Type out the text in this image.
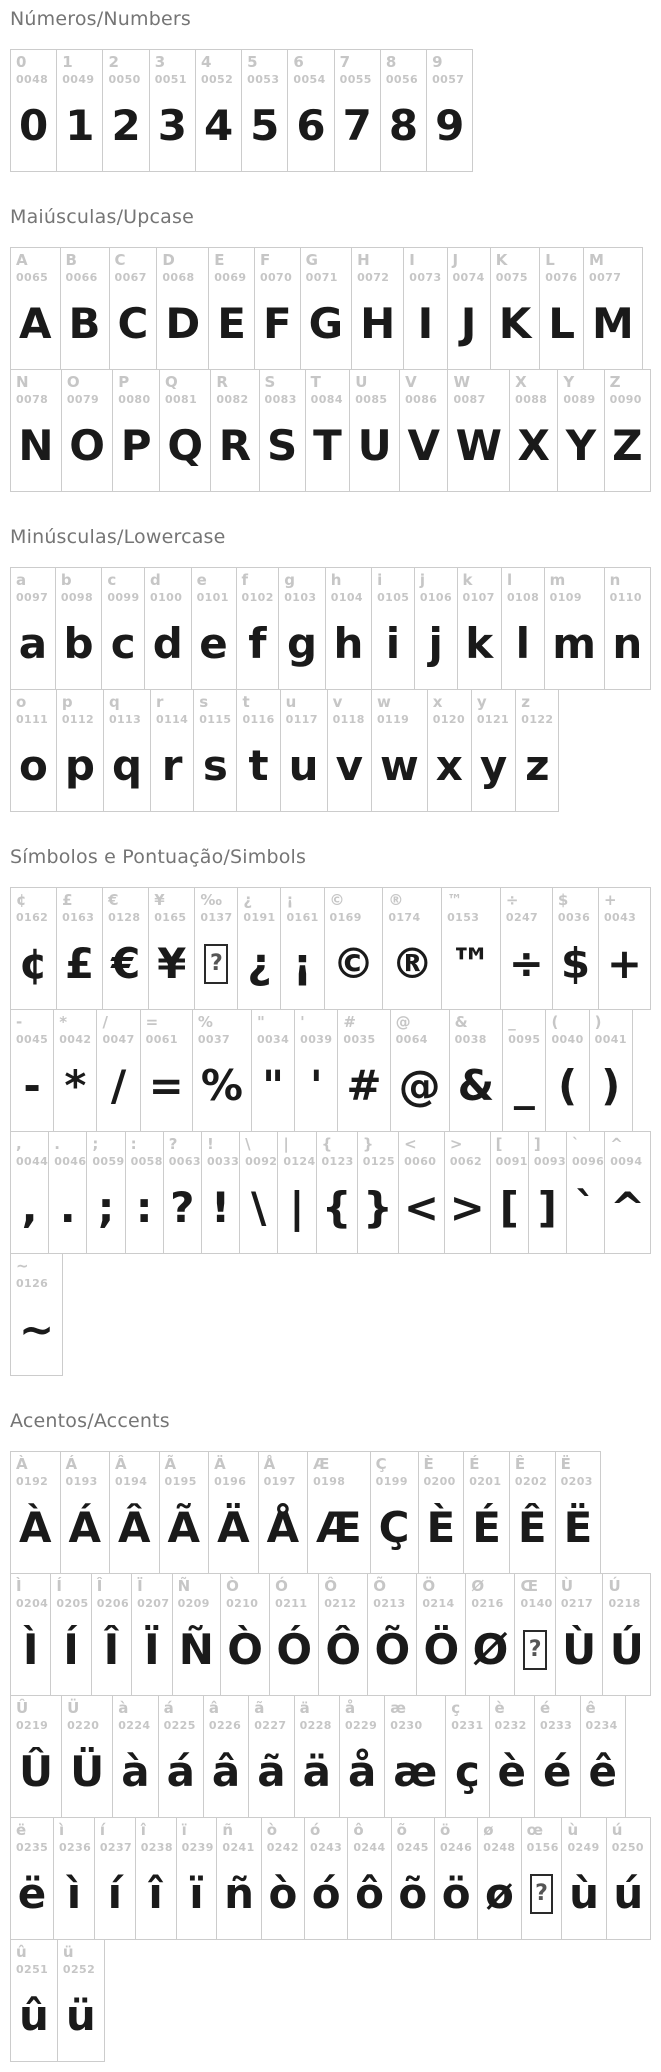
Números/Numbers
0
0048
0
1
0049
1
2
0050
2
3
0051
3
4
0052
4
5
0053
5
6
0054
6
7
0055
7
8
0056
8
9
0057
9
Maiúsculas/Upcase
A
0065
A
B
0066
B
C
0067
C
D
0068
D
E
0069
E
F
0070
F
G
0071
G
H
0072
H
I
0073
I
J
0074
J
K
0075
K
L
0076
L
M
0077
M
N
0078
N
O
0079
O
P
0080
P
Q
0081
Q
R
0082
R
S
0083
S
T
0084
T
U
0085
U
V
0086
V
W
0087
W
X
0088
X
Y
0089
Y
Z
0090
Z
Minúsculas/Lowercase
a
0097
a
b
0098
b
c
0099
c
d
0100
d
e
0101
e
f
0102
f
g
0103
g
h
0104
h
i
0105
i
j
0106
j
k
0107
k
l
0108
l
m
0109
m
n
0110
n
o
0111
o
p
0112
p
q
0113
q
r
0114
r
s
0115
s
t
0116
t
u
0117
u
v
0118
v
w
0119
w
x
0120
x
y
0121
y
z
0122
z
Símbolos e Pontuação/Simbols
¢
0162
¢
£
0163
£
€
0128
€
¥
0165
¥
‰
0137
?
¿
0191
¿
¡
0161
¡
©
0169
©
®
0174
®
™
0153
™
÷
0247
÷
$
0036
$
+
0043
+
-
0045
-
*
0042
*
/
0047
/
=
0061
=
%
0037
%
"
0034
"
'
0039
'
#
0035
#
@
0064
@
&
0038
&
_
0095
_
(
0040
(
)
0041
)
,
0044
,
.
0046
.
;
0059
;
:
0058
:
?
0063
?
!
0033
!
\
0092
\
|
0124
|
{
0123
{
}
0125
}
<
0060
<
>
0062
>
[
0091
[
]
0093
]
`
0096
`
^
0094
^
~
0126
~
Acentos/Accents
À
0192
À
Á
0193
Á
Â
0194
Â
Ã
0195
Ã
Ä
0196
Ä
Å
0197
Å
Æ
0198
Æ
Ç
0199
Ç
È
0200
È
É
0201
É
Ê
0202
Ê
Ë
0203
Ë
Ì
0204
Ì
Í
0205
Í
Î
0206
Î
Ï
0207
Ï
Ñ
0209
Ñ
Ò
0210
Ò
Ó
0211
Ó
Ô
0212
Ô
Õ
0213
Õ
Ö
0214
Ö
Ø
0216
Ø
Œ
0140
?
Ù
0217
Ù
Ú
0218
Ú
Û
0219
Û
Ü
0220
Ü
à
0224
à
á
0225
á
â
0226
â
ã
0227
ã
ä
0228
ä
å
0229
å
æ
0230
æ
ç
0231
ç
è
0232
è
é
0233
é
ê
0234
ê
ë
0235
ë
ì
0236
ì
í
0237
í
î
0238
î
ï
0239
ï
ñ
0241
ñ
ò
0242
ò
ó
0243
ó
ô
0244
ô
õ
0245
õ
ö
0246
ö
ø
0248
ø
œ
0156
?
ù
0249
ù
ú
0250
ú
û
0251
û
ü
0252
ü
